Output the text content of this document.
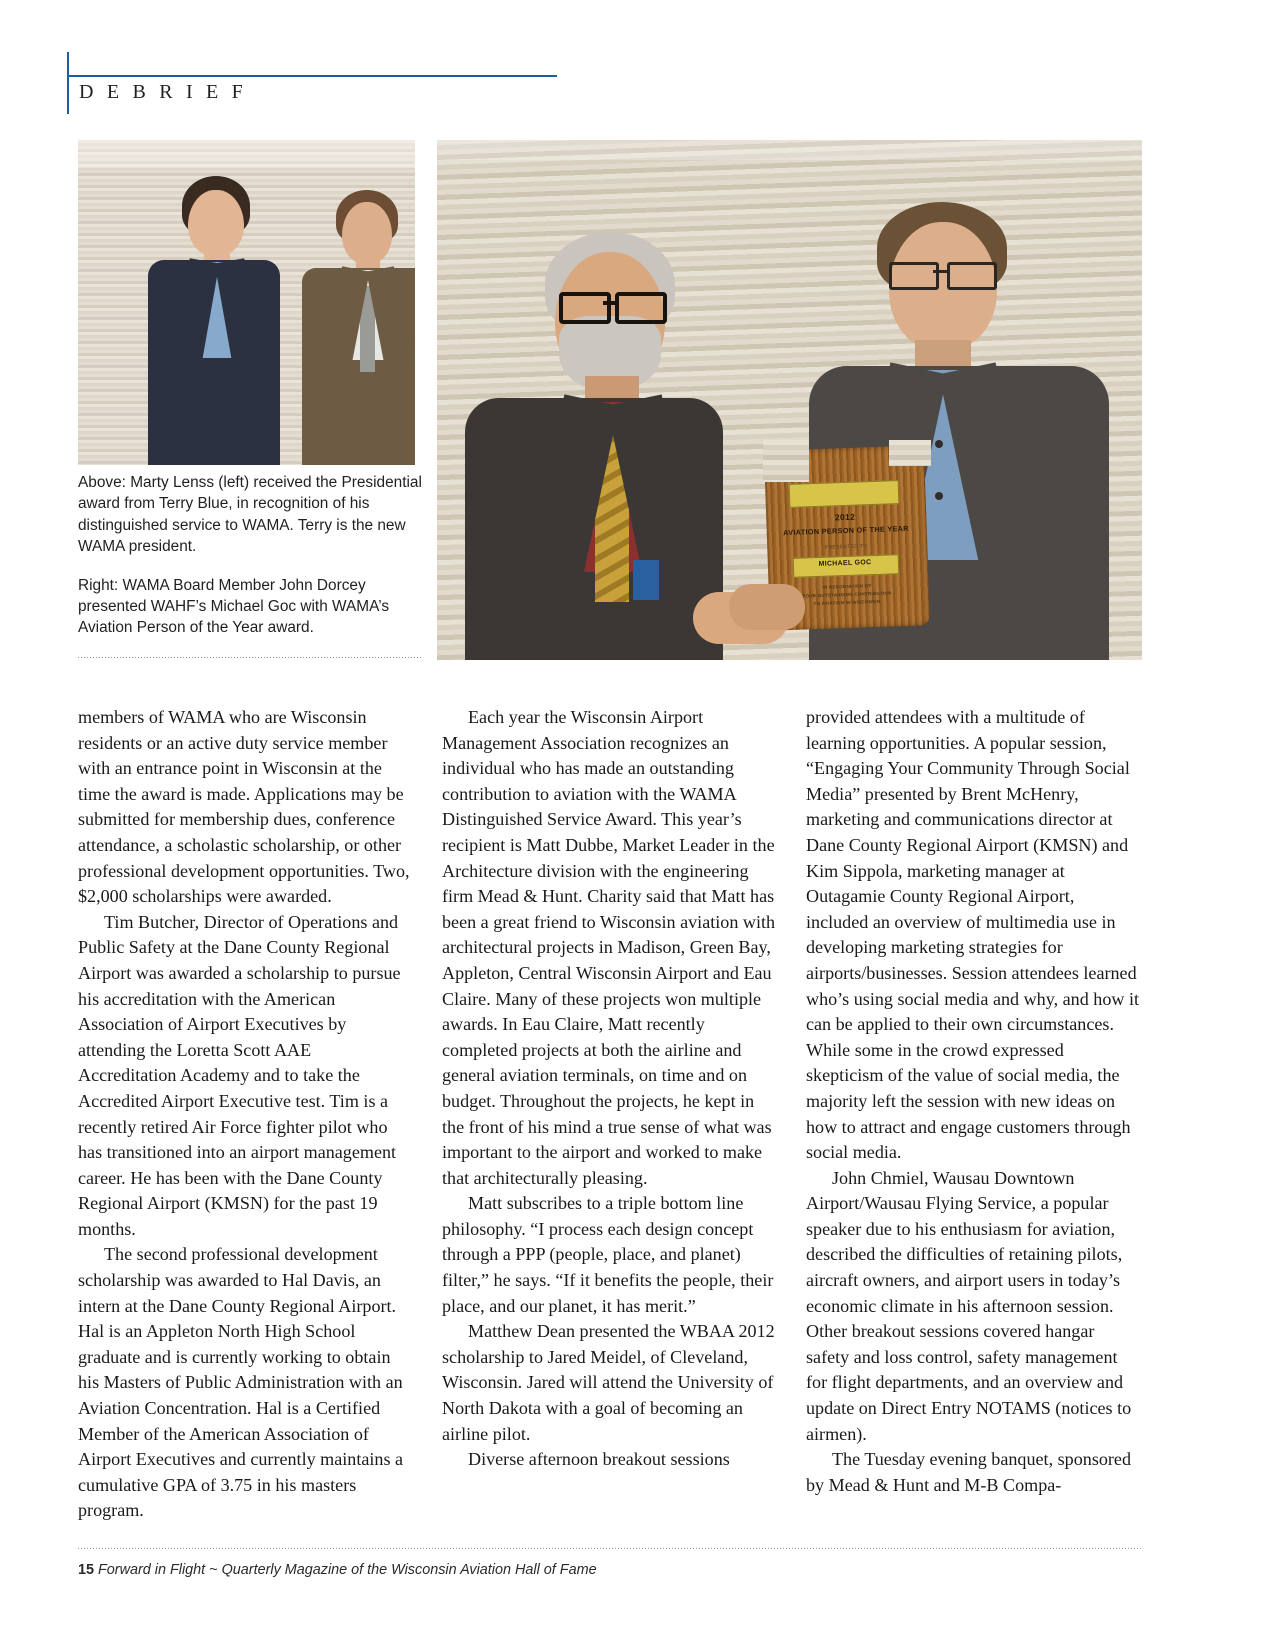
D E B R I E F
2012
AVIATION PERSON OF THE YEAR
PRESENTED TO
MICHAEL GOC
IN RECOGNITION OF
YOUR OUTSTANDING CONTRIBUTION
TO AVIATION IN WISCONSIN

Above: Marty Lenss (left) received the Presidential award from Terry Blue, in recognition of his distinguished service to WAMA. Terry is the new WAMA president.

Right: WAMA Board Member John Dorcey presented WAHF’s Michael Goc with WAMA’s Aviation Person of the Year award.

members of WAMA who are Wisconsin residents or an active duty service member with an entrance point in Wisconsin at the time the award is made. Applications may be submitted for membership dues, conference attendance, a scholastic scholarship, or other professional development opportunities. Two, $2,000 scholarships were awarded.

Tim Butcher, Director of Operations and Public Safety at the Dane County Regional Airport was awarded a scholarship to pursue his accreditation with the American Association of Airport Executives by attending the Loretta Scott AAE Accreditation Academy and to take the Accredited Airport Executive test. Tim is a recently retired Air Force fighter pilot who has transitioned into an airport management career. He has been with the Dane County Regional Airport (KMSN) for the past 19 months.

The second professional development scholarship was awarded to Hal Davis, an intern at the Dane County Regional Airport. Hal is an Appleton North High School graduate and is currently working to obtain his Masters of Public Administration with an Aviation Concentration. Hal is a Certified Member of the American Association of Airport Executives and currently maintains a cumulative GPA of 3.75 in his masters program.

Each year the Wisconsin Airport Management Association recognizes an individual who has made an outstanding contribution to aviation with the WAMA Distinguished Service Award. This year’s recipient is Matt Dubbe, Market Leader in the Architecture division with the engineering firm Mead & Hunt. Charity said that Matt has been a great friend to Wisconsin aviation with architectural projects in Madison, Green Bay, Appleton, Central Wisconsin Airport and Eau Claire. Many of these projects won multiple awards. In Eau Claire, Matt recently completed projects at both the airline and general aviation terminals, on time and on budget. Throughout the projects, he kept in the front of his mind a true sense of what was important to the airport and worked to make that architecturally pleasing.

Matt subscribes to a triple bottom line philosophy. “I process each design concept through a PPP (people, place, and planet) filter,” he says. “If it benefits the people, their place, and our planet, it has merit.”

Matthew Dean presented the WBAA 2012 scholarship to Jared Meidel, of Cleveland, Wisconsin. Jared will attend the University of North Dakota with a goal of becoming an airline pilot.

Diverse afternoon breakout sessions

provided attendees with a multitude of learning opportunities. A popular session, “Engaging Your Community Through Social Media” presented by Brent McHenry, marketing and communications director at Dane County Regional Airport (KMSN) and Kim Sippola, marketing manager at Outagamie County Regional Airport, included an overview of multimedia use in developing marketing strategies for airports/businesses. Session attendees learned who’s using social media and why, and how it can be applied to their own circumstances. While some in the crowd expressed skepticism of the value of social media, the majority left the session with new ideas on how to attract and engage customers through social media.

John Chmiel, Wausau Downtown Airport/Wausau Flying Service, a popular speaker due to his enthusiasm for aviation, described the difficulties of retaining pilots, aircraft owners, and airport users in today’s economic climate in his afternoon session. Other breakout sessions covered hangar safety and loss control, safety management for flight departments, and an overview and update on Direct Entry NOTAMS (notices to airmen).

The Tuesday evening banquet, sponsored by Mead & Hunt and M-B Compa-

15 Forward in Flight ~ Quarterly Magazine of the Wisconsin Aviation Hall of Fame
